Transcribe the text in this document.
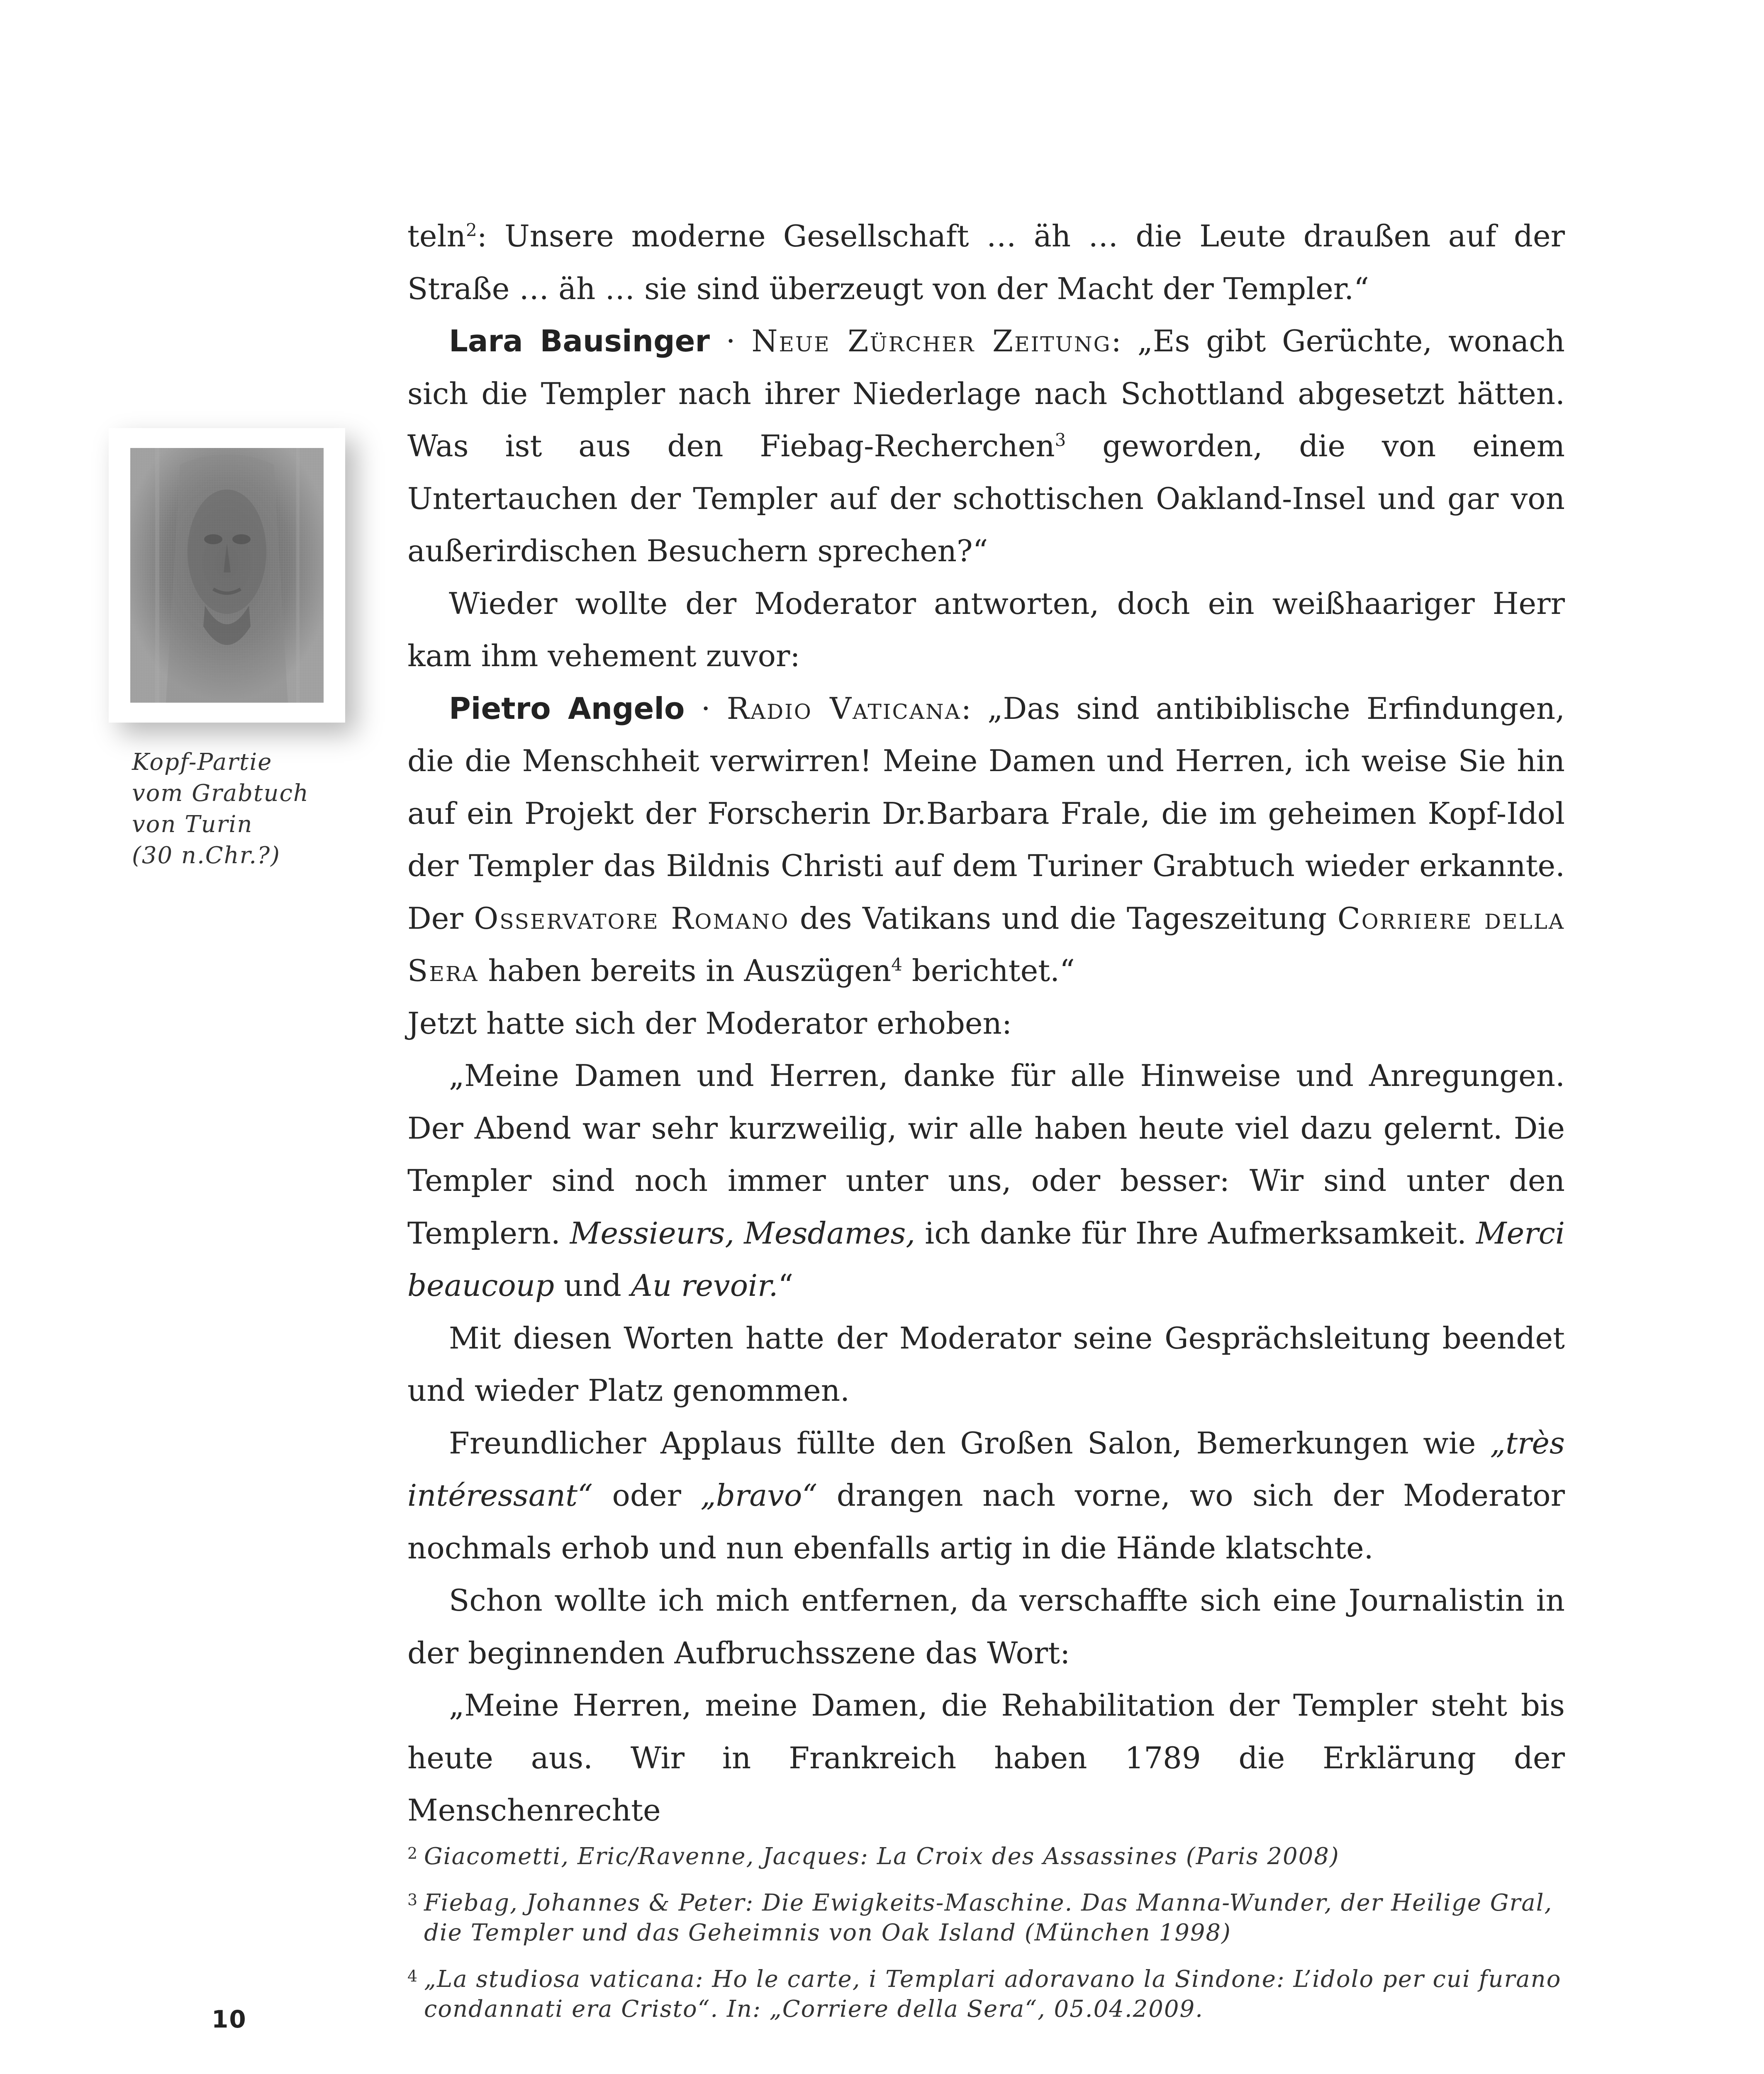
Kopf-Partie
vom Grabtuch
von Turin
(30 n.Chr.?)

teln$^2$: Unsere moderne Gesellschaft … äh … die Leute draußen auf der Straße … äh … sie sind überzeugt von der Macht der Templer.“

Lara Bausinger · Neue Zürcher Zeitung: „Es gibt Gerüchte, wonach sich die Templer nach ihrer Niederlage nach Schottland abgesetzt hätten. Was ist aus den Fiebag-Recherchen$^3$ geworden, die von einem Untertauchen der Templer auf der schottischen Oakland-Insel und gar von außerirdischen Besuchern sprechen?“

Wieder wollte der Moderator antworten, doch ein weißhaariger Herr kam ihm vehement zuvor:

Pietro Angelo · Radio Vaticana: „Das sind antibiblische Erfindungen, die die Menschheit verwirren! Meine Damen und Herren, ich weise Sie hin auf ein Projekt der Forscherin Dr.Barbara Frale, die im geheimen Kopf-Idol der Templer das Bildnis Christi auf dem Turiner Grabtuch wieder erkannte. Der Osservatore Romano des Vatikans und die Tageszeitung Corriere della Sera haben bereits in Auszügen$^4$ berichtet.“

Jetzt hatte sich der Moderator erhoben:

„Meine Damen und Herren, danke für alle Hinweise und Anregungen. Der Abend war sehr kurzweilig, wir alle haben heute viel dazu gelernt. Die Templer sind noch immer unter uns, oder besser: Wir sind unter den Templern. Messieurs, Mesdames, ich danke für Ihre Aufmerksamkeit. Merci beaucoup und Au revoir.“

Mit diesen Worten hatte der Moderator seine Gesprächsleitung beendet und wieder Platz genommen.

Freundlicher Applaus füllte den Großen Salon, Bemerkungen wie „très intéressant“ oder „bravo“ drangen nach vorne, wo sich der Moderator nochmals erhob und nun ebenfalls artig in die Hände klatschte.

Schon wollte ich mich entfernen, da verschaffte sich eine Journalistin in der beginnenden Aufbruchsszene das Wort:

„Meine Herren, meine Damen, die Rehabilitation der Templer steht bis heute aus. Wir in Frankreich haben 1789 die Erklärung der Menschenrechte

2 Giacometti, Eric/Ravenne, Jacques: La Croix des Assassines (Paris 2008)
3 Fiebag, Johannes & Peter: Die Ewigkeits-Maschine. Das Manna-Wunder, der Heilige Gral,
die Templer und das Geheimnis von Oak Island (München 1998)
4 „La studiosa vaticana: Ho le carte, i Templari adoravano la Sindone: L’idolo per cui furano
condannati era Cristo“. In: „Corriere della Sera“, 05.04.2009.
10
